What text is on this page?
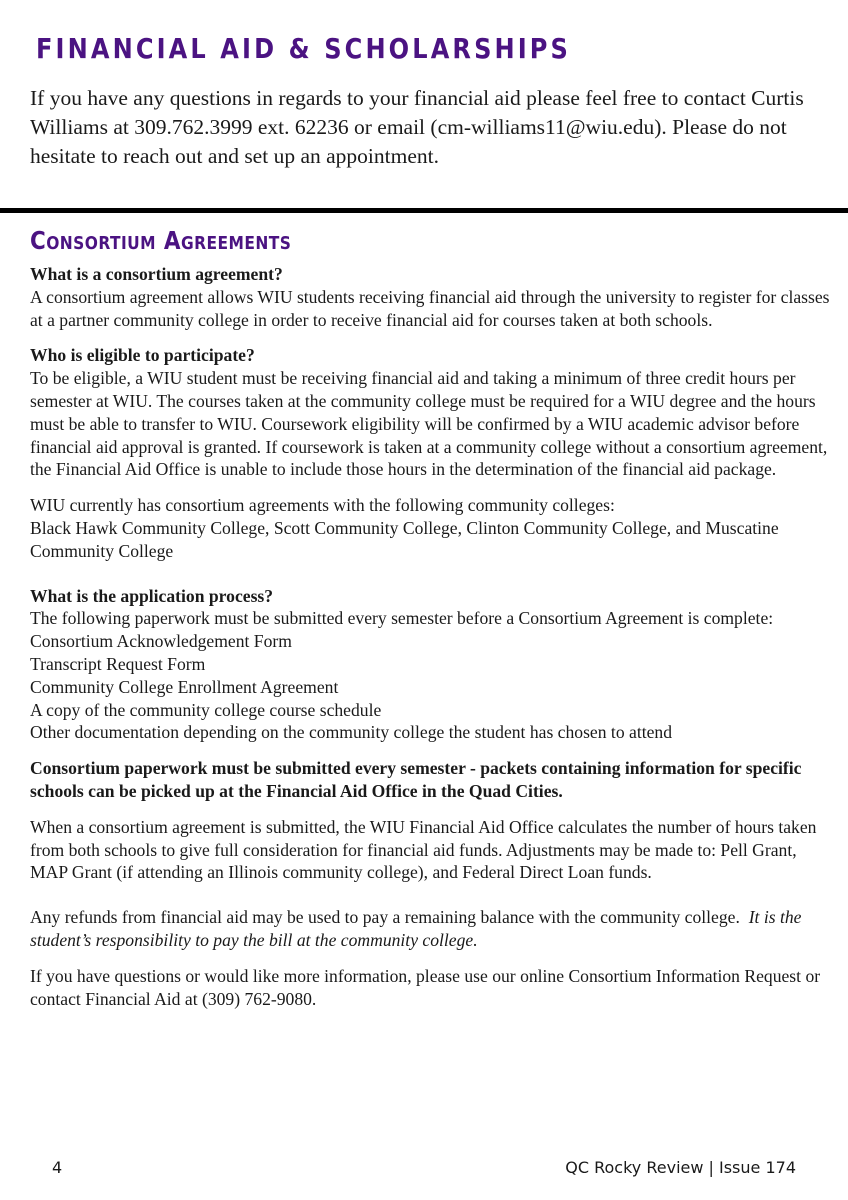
FINANCIAL AID & SCHOLARSHIPS

If you have any questions in regards to your financial aid please feel free to contact Curtis Williams at 309.762.3999 ext. 62236 or email (cm-williams11@wiu.edu). Please do not hesitate to reach out and set up an appointment.

Consortium Agreements

What is a consortium agreement?
A consortium agreement allows WIU students receiving financial aid through the university to register for classes at a partner community college in order to receive financial aid for courses taken at both schools.

Who is eligible to participate?
To be eligible, a WIU student must be receiving financial aid and taking a minimum of three credit hours per semester at WIU. The courses taken at the community college must be required for a WIU degree and the hours must be able to transfer to WIU. Coursework eligibility will be confirmed by a WIU academic advisor before financial aid approval is granted. If coursework is taken at a community college without a consortium agreement, the Financial Aid Office is unable to include those hours in the determination of the financial aid package.

WIU currently has consortium agreements with the following community colleges:
Black Hawk Community College, Scott Community College, Clinton Community College, and Muscatine Community College

What is the application process?
The following paperwork must be submitted every semester before a Consortium Agreement is complete:
Consortium Acknowledgement Form
Transcript Request Form
Community College Enrollment Agreement
A copy of the community college course schedule
Other documentation depending on the community college the student has chosen to attend

Consortium paperwork must be submitted every semester - packets containing information for specific schools can be picked up at the Financial Aid Office in the Quad Cities.

When a consortium agreement is submitted, the WIU Financial Aid Office calculates the number of hours taken from both schools to give full consideration for financial aid funds. Adjustments may be made to: Pell Grant, MAP Grant (if attending an Illinois community college), and Federal Direct Loan funds.

Any refunds from financial aid may be used to pay a remaining balance with the community college. It is the student’s responsibility to pay the bill at the community college.

If you have questions or would like more information, please use our online Consortium Information Request or contact Financial Aid at (309) 762-9080.

4	QC Rocky Review | Issue 174
